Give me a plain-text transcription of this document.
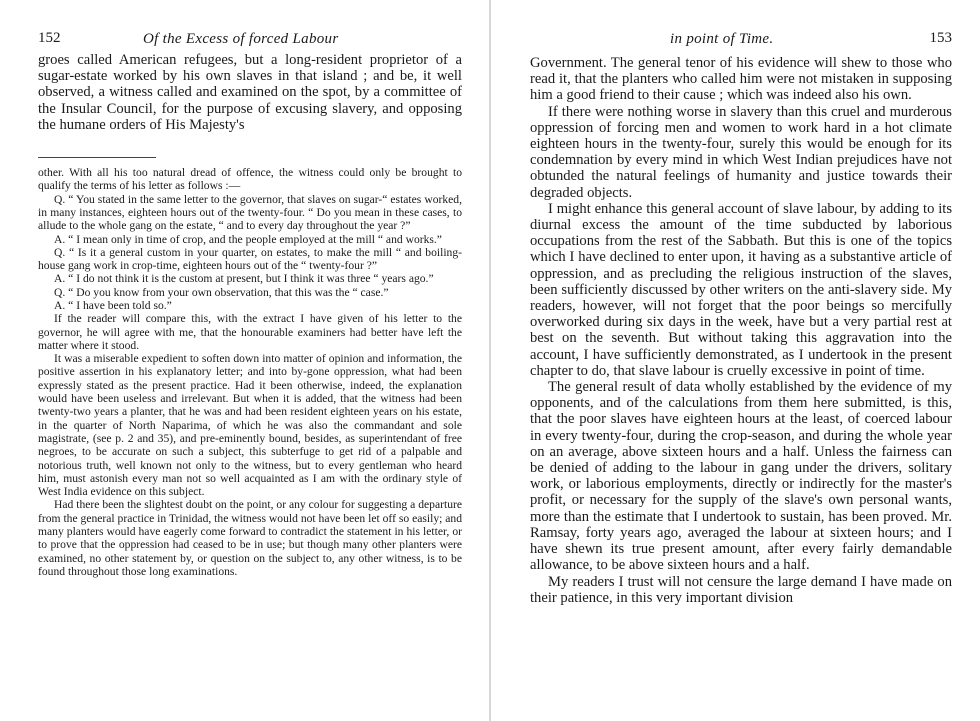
152	Of the Excess of forced Labour

groes called American refugees, but a long-resident proprietor of a sugar-estate worked by his own slaves in that island ; and be, it well observed, a witness called and examined on the spot, by a committee of the Insular Council, for the purpose of excusing slavery, and opposing the humane orders of His Majesty's

other. With all his too natural dread of offence, the witness could only be brought to qualify the terms of his letter as follows :—

Q. “ You stated in the same letter to the governor, that slaves on sugar-“ estates worked, in many instances, eighteen hours out of the twenty-four. “ Do you mean in these cases, to allude to the whole gang on the estate, “ and to every day throughout the year ?”

A. “ I mean only in time of crop, and the people employed at the mill “ and works.”

Q. “ Is it a general custom in your quarter, on estates, to make the mill “ and boiling-house gang work in crop-time, eighteen hours out of the “ twenty-four ?”

A. “ I do not think it is the custom at present, but I think it was three “ years ago.”

Q. “ Do you know from your own observation, that this was the “ case.”

A. “ I have been told so.”

If the reader will compare this, with the extract I have given of his letter to the governor, he will agree with me, that the honourable examiners had better have left the matter where it stood.

It was a miserable expedient to soften down into matter of opinion and information, the positive assertion in his explanatory letter; and into by-gone oppression, what had been expressly stated as the present practice. Had it been otherwise, indeed, the explanation would have been useless and irrelevant. But when it is added, that the witness had been twenty-two years a planter, that he was and had been resident eighteen years on his estate, in the quarter of North Naparima, of which he was also the commandant and sole magistrate, (see p. 2 and 35), and pre-eminently bound, besides, as superintendant of free negroes, to be accurate on such a subject, this subterfuge to get rid of a palpable and notorious truth, well known not only to the witness, but to every gentleman who heard him, must astonish every man not so well acquainted as I am with the ordinary style of West India evidence on this subject.

Had there been the slightest doubt on the point, or any colour for suggesting a departure from the general practice in Trinidad, the witness would not have been let off so easily; and many planters would have eagerly come forward to contradict the statement in his letter, or to prove that the oppression had ceased to be in use; but though many other planters were examined, no other statement by, or question on the subject to, any other witness, is to be found throughout those long examinations.

in point of Time.	153

Government. The general tenor of his evidence will shew to those who read it, that the planters who called him were not mistaken in supposing him a good friend to their cause ; which was indeed also his own.

If there were nothing worse in slavery than this cruel and murderous oppression of forcing men and women to work hard in a hot climate eighteen hours in the twenty-four, surely this would be enough for its condemnation by every mind in which West Indian prejudices have not obtunded the natural feelings of humanity and justice towards their degraded objects.

I might enhance this general account of slave labour, by adding to its diurnal excess the amount of the time subducted by laborious occupations from the rest of the Sabbath. But this is one of the topics which I have declined to enter upon, it having as a substantive article of oppression, and as precluding the religious instruction of the slaves, been sufficiently discussed by other writers on the anti-slavery side. My readers, however, will not forget that the poor beings so mercifully overworked during six days in the week, have but a very partial rest at best on the seventh. But without taking this aggravation into the account, I have sufficiently demonstrated, as I undertook in the present chapter to do, that slave labour is cruelly excessive in point of time.

The general result of data wholly established by the evidence of my opponents, and of the calculations from them here submitted, is this, that the poor slaves have eighteen hours at the least, of coerced labour in every twenty-four, during the crop-season, and during the whole year on an average, above sixteen hours and a half. Unless the fairness can be denied of adding to the labour in gang under the drivers, solitary work, or laborious employments, directly or indirectly for the master's profit, or necessary for the supply of the slave's own personal wants, more than the estimate that I undertook to sustain, has been proved. Mr. Ramsay, forty years ago, averaged the labour at sixteen hours; and I have shewn its true present amount, after every fairly demandable allowance, to be above sixteen hours and a half.

My readers I trust will not censure the large demand I have made on their patience, in this very important division
